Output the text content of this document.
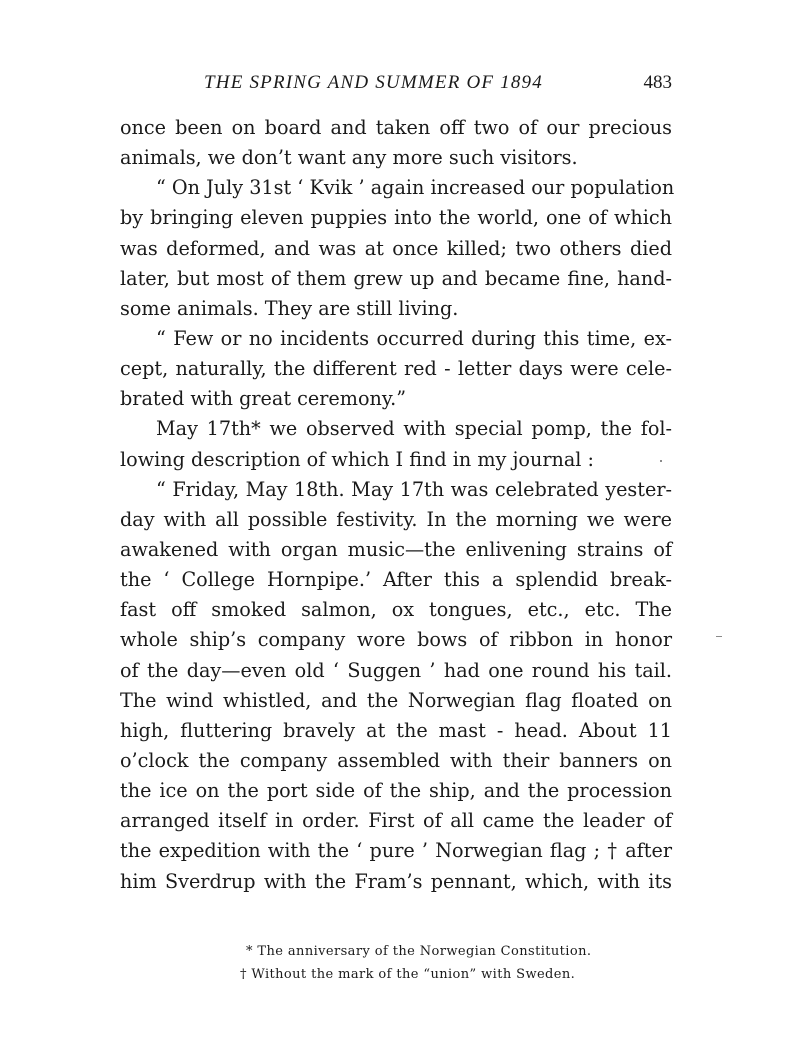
THE SPRING AND SUMMER OF 1894	483
once been on board and taken off two of our precious
animals, we don’t want any more such visitors.
“ On July 31st ‘ Kvik ’ again increased our population
by bringing eleven puppies into the world, one of which
was deformed, and was at once killed; two others died
later, but most of them grew up and became fine, hand-
some animals. They are still living.
“ Few or no incidents occurred during this time, ex-
cept, naturally, the different red - letter days were cele-
brated with great ceremony.”
May 17th* we observed with special pomp, the fol-
lowing description of which I find in my journal :
“ Friday, May 18th. May 17th was celebrated yester-
day with all possible festivity. In the morning we were
awakened with organ music—the enlivening strains of
the ‘ College Hornpipe.’ After this a splendid break-
fast off smoked salmon, ox tongues, etc., etc. The
whole ship’s company wore bows of ribbon in honor
of the day—even old ‘ Suggen ’ had one round his tail.
The wind whistled, and the Norwegian flag floated on
high, fluttering bravely at the mast - head. About 11
o’clock the company assembled with their banners on
the ice on the port side of the ship, and the procession
arranged itself in order. First of all came the leader of
the expedition with the ‘ pure ’ Norwegian flag ; † after
him Sverdrup with the Fram’s pennant, which, with its
* The anniversary of the Norwegian Constitution.
† Without the mark of the “union” with Sweden.
